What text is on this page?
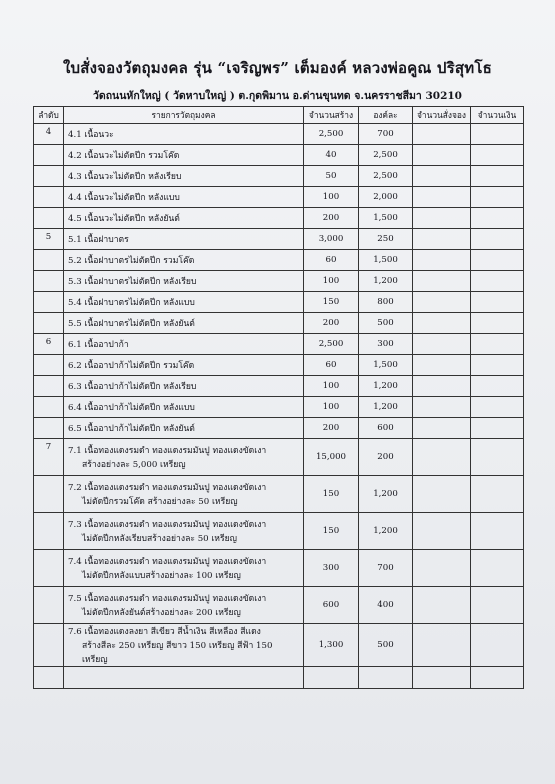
ใบสั่งจองวัตถุมงคล รุ่น “เจริญพร” เต็มองค์ หลวงพ่อคูณ ปริสุทโธ
วัดถนนหักใหญ่ ( วัดหาบใหญ่ ) ต.กุดพิมาน อ.ด่านขุนทด จ.นครราชสีมา 30210
ลำดับ	รายการวัตถุมงคล	จำนวนสร้าง	องค์ละ	จำนวนสั่งจอง	จำนวนเงิน
4	4.1 เนื้อนวะ	2,500	700		
	4.2 เนื้อนวะไม่ตัดปีก รวมโค๊ด	40	2,500		
	4.3 เนื้อนวะไม่ตัดปีก หลังเรียบ	50	2,500		
	4.4 เนื้อนวะไม่ตัดปีก หลังแบบ	100	2,000		
	4.5 เนื้อนวะไม่ตัดปีก หลังยันต์	200	1,500		
5	5.1 เนื้อฝาบาตร	3,000	250		
	5.2 เนื้อฝาบาตรไม่ตัดปีก รวมโค๊ด	60	1,500		
	5.3 เนื้อฝาบาตรไม่ตัดปีก หลังเรียบ	100	1,200		
	5.4 เนื้อฝาบาตรไม่ตัดปีก หลังแบบ	150	800		
	5.5 เนื้อฝาบาตรไม่ตัดปีก หลังยันต์	200	500		
6	6.1 เนื้ออาปาก้า	2,500	300		
	6.2 เนื้ออาปาก้าไม่ตัดปีก รวมโค๊ด	60	1,500		
	6.3 เนื้ออาปาก้าไม่ตัดปีก หลังเรียบ	100	1,200		
	6.4 เนื้ออาปาก้าไม่ตัดปีก หลังแบบ	100	1,200		
	6.5 เนื้ออาปาก้าไม่ตัดปีก หลังยันต์	200	600		
7	7.1 เนื้อทองแดงรมดำ ทองแดงรมมันปู ทองแดงขัดเงา
สร้างอย่างละ 5,000 เหรียญ	15,000	200		
	7.2 เนื้อทองแดงรมดำ ทองแดงรมมันปู ทองแดงขัดเงา
ไม่ตัดปีกรวมโค๊ด สร้างอย่างละ 50 เหรียญ	150	1,200		
	7.3 เนื้อทองแดงรมดำ ทองแดงรมมันปู ทองแดงขัดเงา
ไม่ตัดปีกหลังเรียบสร้างอย่างละ 50 เหรียญ	150	1,200		
	7.4 เนื้อทองแดงรมดำ ทองแดงรมมันปู ทองแดงขัดเงา
ไม่ตัดปีกหลังแบบสร้างอย่างละ 100 เหรียญ	300	700		
	7.5 เนื้อทองแดงรมดำ ทองแดงรมมันปู ทองแดงขัดเงา
ไม่ตัดปีกหลังยันต์สร้างอย่างละ 200 เหรียญ	600	400		
	7.6 เนื้อทองแดงลงยา สีเขียว สีน้ำเงิน สีเหลือง สีแดง
สร้างสีละ 250 เหรียญ สีขาว 150 เหรียญ สีฟ้า 150 เหรียญ	1,300	500		
